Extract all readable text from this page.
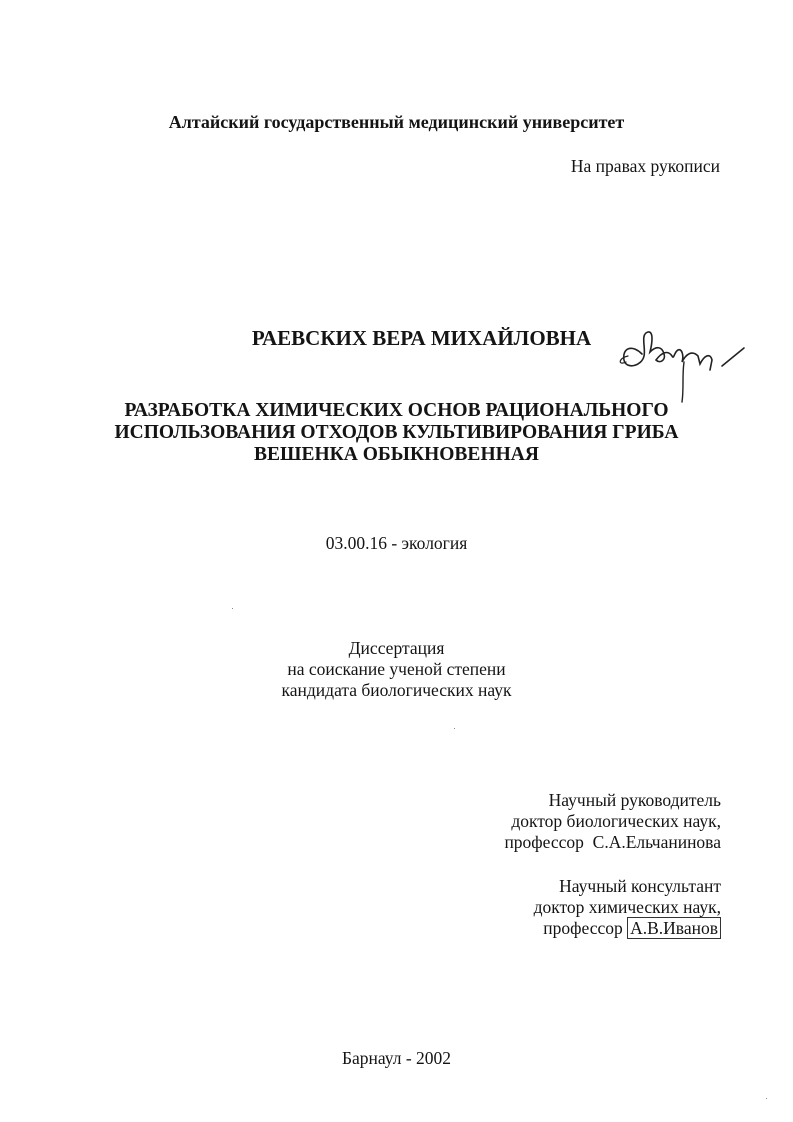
Алтайский государственный медицинский университет
На правах рукописи
РАЕВСКИХ ВЕРА МИХАЙЛОВНА
РАЗРАБОТКА ХИМИЧЕСКИХ ОСНОВ РАЦИОНАЛЬНОГО
ИСПОЛЬЗОВАНИЯ ОТХОДОВ КУЛЬТИВИРОВАНИЯ ГРИБА
ВЕШЕНКА ОБЫКНОВЕННАЯ
03.00.16 - экология
Диссертация
на соискание ученой степени
кандидата биологических наук
Научный руководитель
доктор биологических наук,
профессор С.А.Ельчанинова
Научный консультант
доктор химических наук,
профессор А.В.Иванов
Барнаул - 2002
